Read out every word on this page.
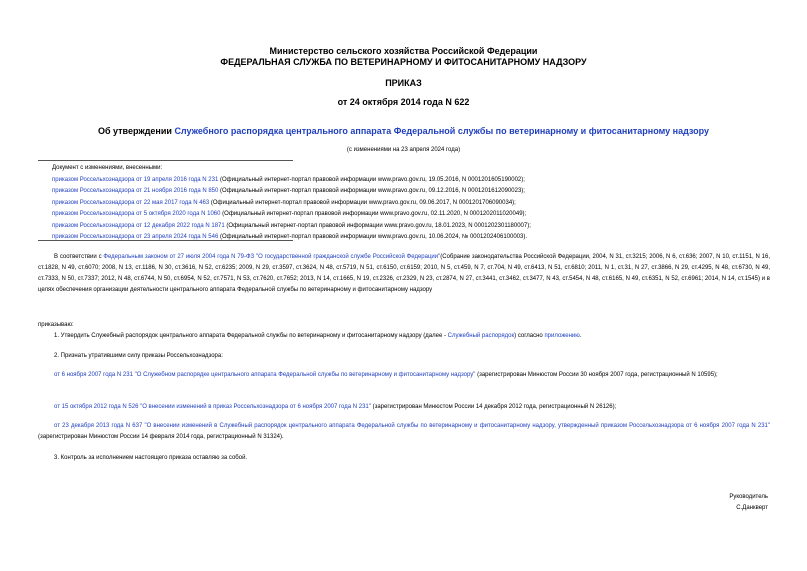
Министерство сельского хозяйства Российской Федерации
ФЕДЕРАЛЬНАЯ СЛУЖБА ПО ВЕТЕРИНАРНОМУ И ФИТОСАНИТАРНОМУ НАДЗОРУ
ПРИКАЗ
от 24 октября 2014 года N 622
Об утверждении Служебного распорядка центрального аппарата Федеральной службы по ветеринарному и фитосанитарному надзору
(с изменениями на 23 апреля 2024 года)
Документ с изменениями, внесенными:
приказом Россельхознадзора от 19 апреля 2016 года N 231 (Официальный интернет-портал правовой информации www.pravo.gov.ru, 19.05.2016, N 0001201605190002);
приказом Россельхознадзора от 21 ноября 2016 года N 850 (Официальный интернет-портал правовой информации www.pravo.gov.ru, 09.12.2016, N 0001201612090023);
приказом Россельхознадзора от 22 мая 2017 года N 463 (Официальный интернет-портал правовой информации www.pravo.gov.ru, 09.06.2017, N 0001201706090034);
приказом Россельхознадзора от 5 октября 2020 года N 1060 (Официальный интернет-портал правовой информации www.pravo.gov.ru, 02.11.2020, N 0001202011020049);
приказом Россельхознадзора от 12 декабря 2022 года N 1871 (Официальный интернет-портал правовой информации www.pravo.gov.ru, 18.01.2023, N 0001202301180007);
приказом Россельхознадзора от 23 апреля 2024 года N 546 (Официальный интернет-портал правовой информации www.pravo.gov.ru, 10.06.2024, № 0001202406100003).
В соответствии с Федеральным законом от 27 июля 2004 года N 79-ФЗ "О государственной гражданской службе Российской Федерации"(Собрание законодательства Российской Федерации, 2004, N 31, ст.3215; 2006, N 6, ст.636; 2007, N 10, ст.1151, N 16, ст.1828, N 49, ст.6070; 2008, N 13, ст.1186, N 30, ст.3616, N 52, ст.6235; 2009, N 29, ст.3597, ст.3624, N 48, ст.5719, N 51, ст.6150, ст.6159; 2010, N 5, ст.459, N 7, ст.704, N 49, ст.6413, N 51, ст.6810; 2011, N 1, ст.31, N 27, ст.3866, N 29, ст.4295, N 48, ст.6730, N 49, ст.7333, N 50, ст.7337; 2012, N 48, ст.6744, N 50, ст.6954, N 52, ст.7571, N 53, ст.7620, ст.7652; 2013, N 14, ст.1665, N 19, ст.2326, ст.2329, N 23, ст.2874, N 27, ст.3441, ст.3462, ст.3477, N 43, ст.5454, N 48, ст.6165, N 49, ст.6351, N 52, ст.6961; 2014, N 14, ст.1545) и в целях обеспечения организации деятельности центрального аппарата Федеральной службы по ветеринарному и фитосанитарному надзору
приказываю:
1. Утвердить Служебный распорядок центрального аппарата Федеральной службы по ветеринарному и фитосанитарному надзору (далее - Служебный распорядок) согласно приложению.
2. Признать утратившими силу приказы Россельхознадзора:
от 6 ноября 2007 года N 231 "О Служебном распорядке центрального аппарата Федеральной службы по ветеринарному и фитосанитарному надзору" (зарегистрирован Минюстом России 30 ноября 2007 года, регистрационный N 10595);
от 15 октября 2012 года N 526 "О внесении изменений в приказ Россельхознадзора от 6 ноября 2007 года N 231" (зарегистрирован Минюстом России 14 декабря 2012 года, регистрационный N 26126);
от 23 декабря 2013 года N 637 "О внесении изменений в Служебный распорядок центрального аппарата Федеральной службы по ветеринарному и фитосанитарному надзору, утвержденный приказом Россельхознадзора от 6 ноября 2007 года N 231" (зарегистрирован Минюстом России 14 февраля 2014 года, регистрационный N 31324).
3. Контроль за исполнением настоящего приказа оставляю за собой.
Руководитель
С.Данкверт
